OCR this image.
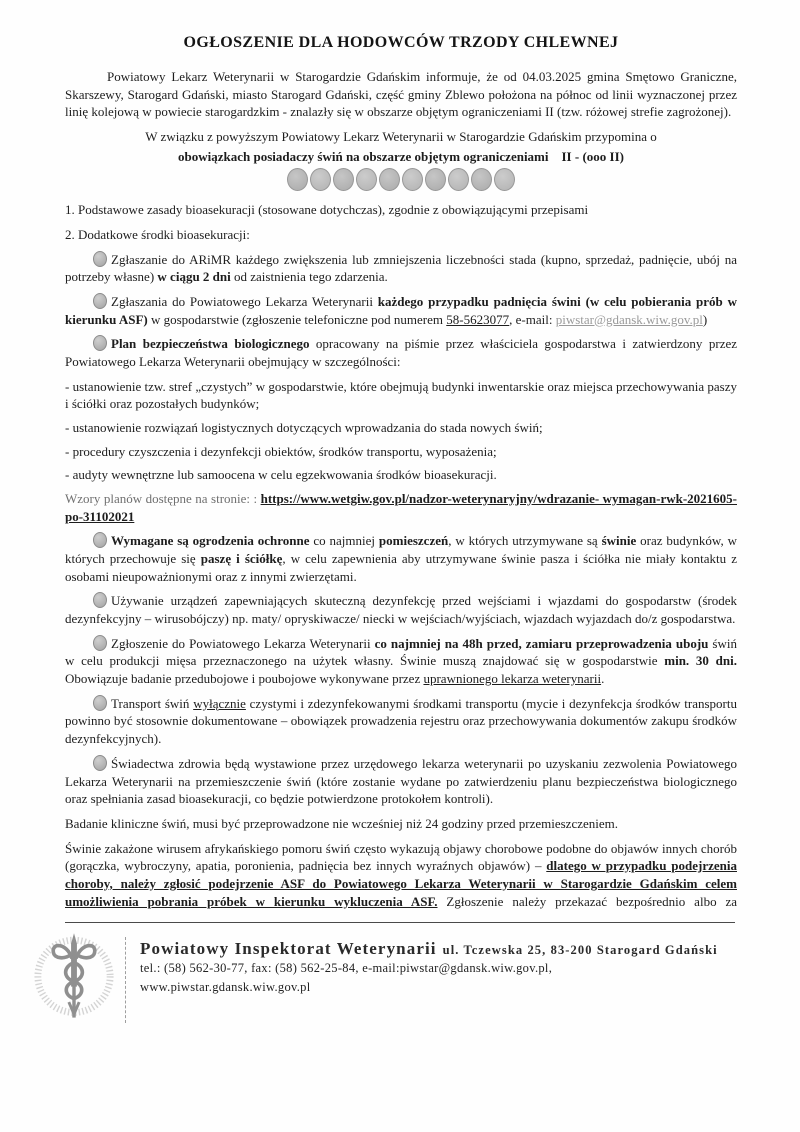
OGŁOSZENIE DLA HODOWCÓW TRZODY CHLEWNEJ

Powiatowy Lekarz Weterynarii w Starogardzie Gdańskim informuje, że od 04.03.2025 gmina Smętowo Graniczne, Skarszewy, Starogard Gdański, miasto Starogard Gdański, część gminy Zblewo położona na północ od linii wyznaczonej przez linię kolejową w powiecie starogardzkim - znalazły się w obszarze objętym ograniczeniami II (tzw. różowej strefie zagrożonej).

W związku z powyższym Powiatowy Lekarz Weterynarii w Starogardzie Gdańskim przypomina o

obowiązkach posiadaczy świń na obszarze objętym ograniczeniami    II - (ooo II)

1. Podstawowe zasady bioasekuracji (stosowane dotychczas), zgodnie z obowiązującymi przepisami

2. Dodatkowe środki bioasekuracji:

Zgłaszanie do ARiMR każdego zwiększenia lub zmniejszenia liczebności stada (kupno, sprzedaż, padnięcie, ubój na potrzeby własne) w ciągu 2 dni od zaistnienia tego zdarzenia.

Zgłaszania do Powiatowego Lekarza Weterynarii każdego przypadku padnięcia świni (w celu pobierania prób w kierunku ASF) w gospodarstwie (zgłoszenie telefoniczne pod numerem 58-5623077, e-mail: piwstar@gdansk.wiw.gov.pl)

Plan bezpieczeństwa biologicznego opracowany na piśmie przez właściciela gospodarstwa i zatwierdzony przez Powiatowego Lekarza Weterynarii obejmujący w szczególności:

- ustanowienie tzw. stref „czystych” w gospodarstwie, które obejmują budynki inwentarskie oraz miejsca przechowywania paszy i ściółki oraz pozostałych budynków;

- ustanowienie rozwiązań logistycznych dotyczących wprowadzania do stada nowych świń;

- procedury czyszczenia i dezynfekcji obiektów, środków transportu, wyposażenia;

- audyty wewnętrzne lub samoocena w celu egzekwowania środków bioasekuracji.

Wzory planów dostępne na stronie: : https://www.wetgiw.gov.pl/nadzor-weterynaryjny/wdrazanie- wymagan-rwk-2021605-po-31102021

Wymagane są ogrodzenia ochronne co najmniej pomieszczeń, w których utrzymywane są świnie oraz budynków, w których przechowuje się paszę i ściółkę, w celu zapewnienia aby utrzymywane świnie pasza i ściółka nie miały kontaktu z osobami nieupoważnionymi oraz z innymi zwierzętami.

Używanie urządzeń zapewniających skuteczną dezynfekcję przed wejściami i wjazdami do gospodarstw (środek dezynfekcyjny – wirusobójczy) np. maty/ opryskiwacze/ niecki w wejściach/wyjściach, wjazdach wyjazdach do/z gospodarstwa.

Zgłoszenie do Powiatowego Lekarza Weterynarii co najmniej na 48h przed, zamiaru przeprowadzenia uboju świń w celu produkcji mięsa przeznaczonego na użytek własny. Świnie muszą znajdować się w gospodarstwie min. 30 dni. Obowiązuje badanie przedubojowe i poubojowe wykonywane przez uprawnionego lekarza weterynarii.

Transport świń wyłącznie czystymi i zdezynfekowanymi środkami transportu (mycie i dezynfekcja środków transportu powinno być stosownie dokumentowane – obowiązek prowadzenia rejestru oraz przechowywania dokumentów zakupu środków dezynfekcyjnych).

Świadectwa zdrowia będą wystawione przez urzędowego lekarza weterynarii po uzyskaniu zezwolenia Powiatowego Lekarza Weterynarii na przemieszczenie świń (które zostanie wydane po zatwierdzeniu planu bezpieczeństwa biologicznego oraz spełniania zasad bioasekuracji, co będzie potwierdzone protokołem kontroli).

Badanie kliniczne świń, musi być przeprowadzone nie wcześniej niż 24 godziny przed przemieszczeniem.

Świnie zakażone wirusem afrykańskiego pomoru świń często wykazują objawy chorobowe podobne do objawów innych chorób (gorączka, wybroczyny, apatia, poronienia, padnięcia bez innych wyraźnych objawów) – dlatego w przypadku podejrzenia choroby, należy zgłosić podejrzenie ASF do Powiatowego Lekarza Weterynarii w Starogardzie Gdańskim celem umożliwienia pobrania próbek w kierunku wykluczenia ASF. Zgłoszenie należy przekazać bezpośrednio albo za

Powiatowy Inspektorat Weterynarii ul. Tczewska 25, 83-200 Starogard Gdański
tel.: (58) 562-30-77, fax: (58) 562-25-84, e-mail:piwstar@gdansk.wiw.gov.pl,
www.piwstar.gdansk.wiw.gov.pl
